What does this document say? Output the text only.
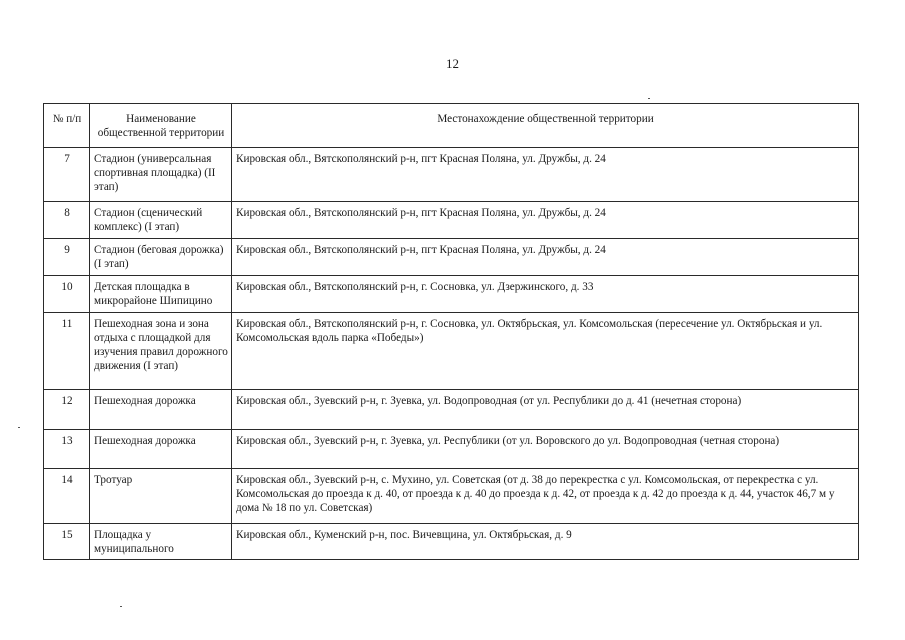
12
№ п/п	Наименование общественной территории	Местонахождение общественной территории
7	Стадион (универсальная спортивная площадка) (II этап)	Кировская обл., Вятскополянский р-н, пгт Красная Поляна, ул. Дружбы, д. 24
8	Стадион (сценический комплекс) (I этап)	Кировская обл., Вятскополянский р-н, пгт Красная Поляна, ул. Дружбы, д. 24
9	Стадион (беговая дорожка) (I этап)	Кировская обл., Вятскополянский р-н, пгт Красная Поляна, ул. Дружбы, д. 24
10	Детская площадка в микрорайоне Шипицино	Кировская обл., Вятскополянский р-н, г. Сосновка, ул. Дзержинского, д. 33
11	Пешеходная зона и зона отдыха с площадкой для изучения правил дорожного движения (I этап)	Кировская обл., Вятскополянский р-н, г. Сосновка, ул. Октябрьская, ул. Комсомольская (пересечение ул. Октябрьская и ул. Комсомольская вдоль парка «Победы»)
12	Пешеходная дорожка	Кировская обл., Зуевский р-н, г. Зуевка, ул. Водопроводная (от ул. Республики до д. 41 (нечетная сторона)
13	Пешеходная дорожка	Кировская обл., Зуевский р-н, г. Зуевка, ул. Республики (от ул. Воровского до ул. Водопроводная (четная сторона)
14	Тротуар	Кировская обл., Зуевский р-н, с. Мухино, ул. Советская (от д. 38 до перекрестка с ул. Комсомольская, от перекрестка с ул. Комсомольская до проезда к д. 40, от проезда к д. 40 до проезда к д. 42, от проезда к д. 42 до проезда к д. 44, участок 46,7 м у дома № 18 по ул. Советская)
15	Площадка у муниципального	Кировская обл., Куменский р-н, пос. Вичевщина, ул. Октябрьская, д. 9
